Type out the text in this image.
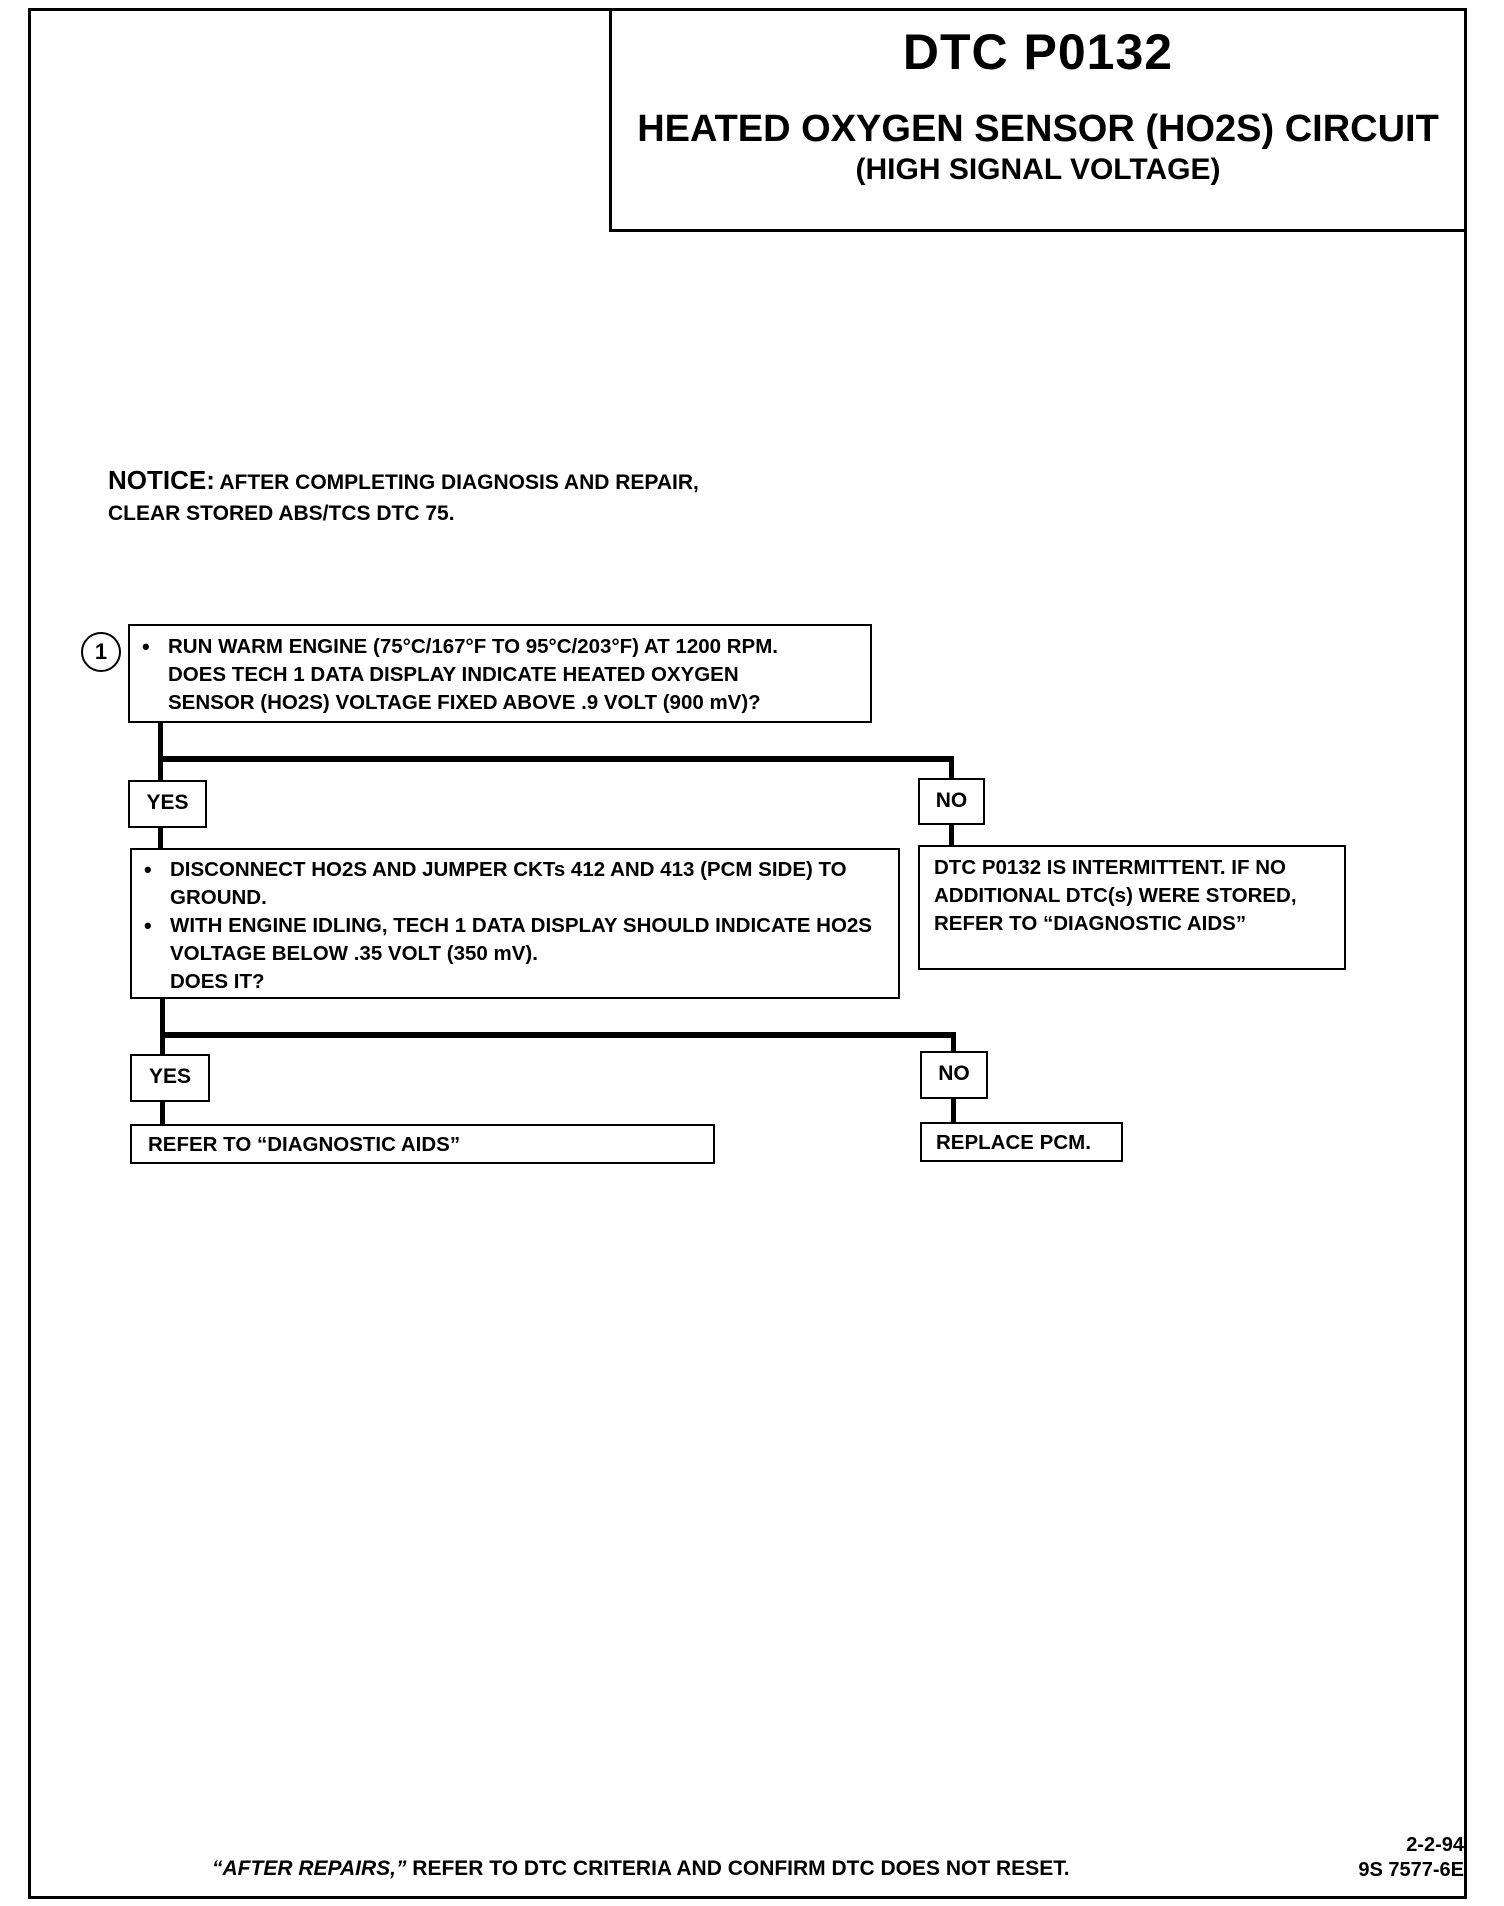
DTC P0132
HEATED OXYGEN SENSOR (HO2S) CIRCUIT
(HIGH SIGNAL VOLTAGE)
NOTICE: AFTER COMPLETING DIAGNOSIS AND REPAIR, CLEAR STORED ABS/TCS DTC 75.
1
•	RUN WARM ENGINE (75°C/167°F TO 95°C/203°F) AT 1200 RPM.
DOES TECH 1 DATA DISPLAY INDICATE HEATED OXYGEN
SENSOR (HO2S) VOLTAGE FIXED ABOVE .9 VOLT (900 mV)?
YES	NO
• DISCONNECT HO2S AND JUMPER CKTs 412 AND 413 (PCM SIDE) TO GROUND.
• WITH ENGINE IDLING, TECH 1 DATA DISPLAY SHOULD INDICATE HO2S VOLTAGE BELOW .35 VOLT (350 mV).
DOES IT?
DTC P0132 IS INTERMITTENT. IF NO ADDITIONAL DTC(s) WERE STORED, REFER TO “DIAGNOSTIC AIDS”
YES	NO
REFER TO “DIAGNOSTIC AIDS”	REPLACE PCM.
“AFTER REPAIRS,” REFER TO DTC CRITERIA AND CONFIRM DTC DOES NOT RESET.
2-2-94
9S 7577-6E
